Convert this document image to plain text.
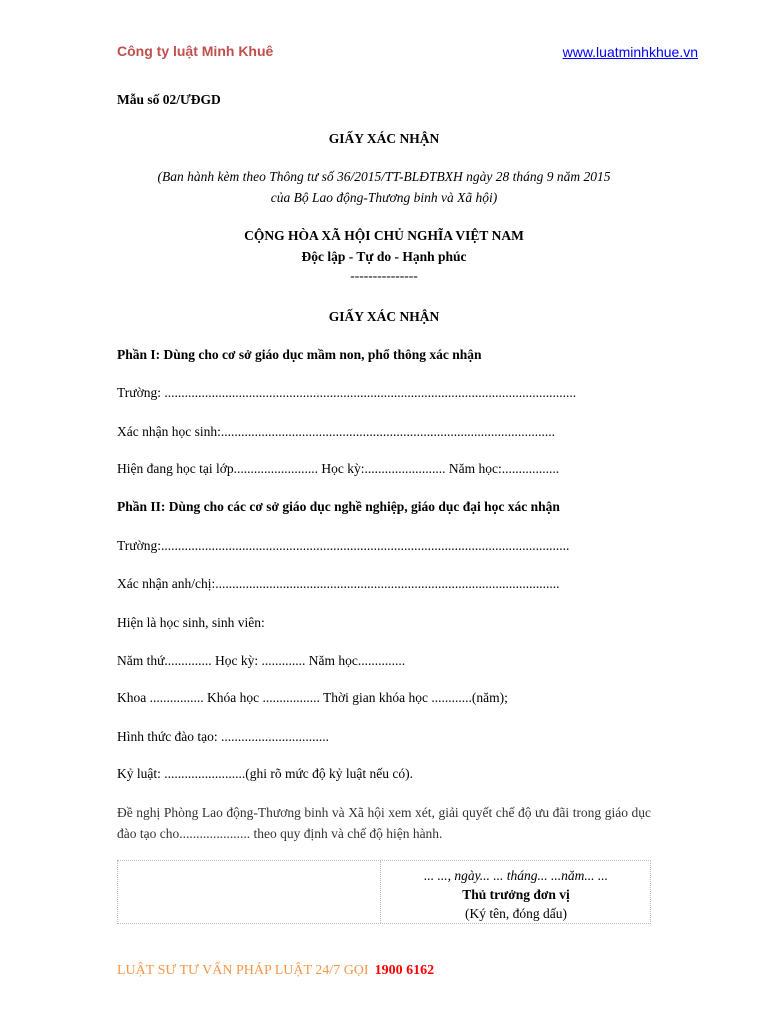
Công ty luật Minh Khuê	www.luatminhkhue.vn
Mẫu số 02/ƯĐGD
GIẤY XÁC NHẬN
(Ban hành kèm theo Thông tư số 36/2015/TT-BLĐTBXH ngày 28 tháng 9 năm 2015
của Bộ Lao động-Thương binh và Xã hội)
CỘNG HÒA XÃ HỘI CHỦ NGHĨA VIỆT NAM
Độc lập - Tự do - Hạnh phúc
---------------
GIẤY XÁC NHẬN
Phần I: Dùng cho cơ sở giáo dục mầm non, phổ thông xác nhận
Trường: ..........................................................................................................................
Xác nhận học sinh:...................................................................................................
Hiện đang học tại lớp......................... Học kỳ:........................ Năm học:.................
Phần II: Dùng cho các cơ sở giáo dục nghề nghiệp, giáo dục đại học xác nhận
Trường:.........................................................................................................................
Xác nhận anh/chị:......................................................................................................
Hiện là học sinh, sinh viên:
Năm thứ.............. Học kỳ: ............. Năm học..............
Khoa ................ Khóa học ................. Thời gian khóa học ............(năm);
Hình thức đào tạo: ................................
Kỷ luật: ........................(ghi rõ mức độ kỷ luật nếu có).
Đề nghị Phòng Lao động-Thương binh và Xã hội xem xét, giải quyết chế độ ưu đãi trong giáo dục đào tạo cho..................... theo quy định và chế độ hiện hành.
... ..., ngày... ... tháng... ...năm... ...
Thủ trưởng đơn vị
(Ký tên, đóng dấu)
LUẬT SƯ TƯ VẤN PHÁP LUẬT 24/7 GỌI 1900 6162
